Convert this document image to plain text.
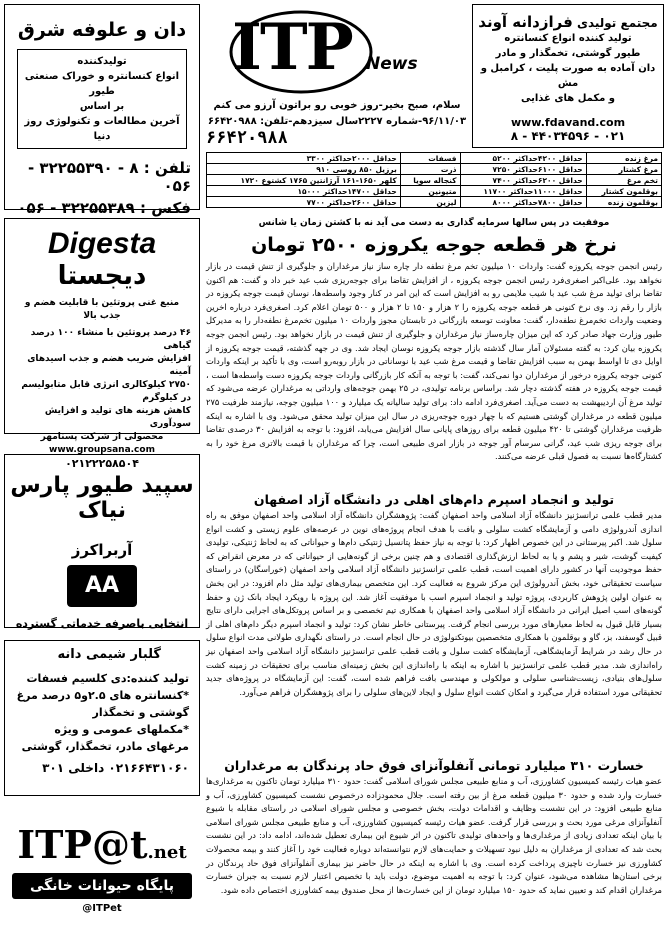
مجتمع تولیدی فرازدانه آوند
تولید کننده انواع کنسانتره
طیور گوشتی، تخمگذار و مادر
دان آماده به صورت پلیت ، کرامبل و مش
و مکمل های غذایی
www.fdavand.com
۰۲۱ - ۴۴۰۳۴۵۹۶ - ۸
ITP News
سلام، صبح بخیر-روز خوبی رو براتون آرزو می کنم
۹۶/۱۱/۰۳-شماره ۲۲۲۷سال سیزدهم-تلفن: ۶۶۴۲۰۹۸۸
۶۶۴۲۰۹۸۸
دان و علوفه شرق
تولیدکننده
انواع کنسانتره و خوراک صنعتی طیور
بر اساس
آخرین مطالعات و تکنولوژی روز دنیا
تلفن : ۸ - ۳۲۲۵۵۳۹۰ - ۰۵۶
فکس : ۳۲۲۵۵۳۸۹ - ۰۵۶
Digesta
دیجستا
منبع غنی پروتئین با قابلیت هضم و جذب بالا
۴۶ درصد پروتئین با منشاء ۱۰۰ درصد گیاهی
افزایش ضریب هضم و جذب اسیدهای آمینه
۲۷۵۰ کیلوکالری انرژی قابل متابولیسم در کیلوگرم
کاهش هزینه های تولید و افزایش سودآوری
محصولی از شرکت پسنامهر
www.groupsana.com
۰۲۱۲۲۲۵۸۵۰۴
سپید طیور پارس نیاک
آربراکرز
AA
انتخابی باصرفه خدماتی گسترده
گلبار شیمی دانه
تولید کننده:دی کلسیم فسفات
*کنسانتره های ۲.۵و۵ درصد مرغ گوشتی و تخمگذار
*مکملهای عمومی و ویژه مرغهای مادر، تخمگذار، گوشتی
۰۲۱۶۶۴۳۱۰۶۰ داخلی ۳۰۱
ITP@t.net
پایگاه حیوانات خانگی
@ITPet
مرغ زنده	حداقل ۴۲۰۰حداکثر ۵۲۰۰	فسفات	حداقل ۲۰۰۰حداکثر ۳۳۰۰
مرغ کشتار	حداقل ۶۱۰۰حداکثر ۷۲۵۰	ذرت	برزیل ۸۵۰ روسی ۹۱۰
تخم مرغ	حداقل ۶۲۰۰حداکثر ۷۴۰۰	کنجاله سویا	کلهر ۱۶۵۰-۱۶۱ آرژانتین ۱۷۶۵ کشتوع ۱۷۲۰
بوقلمون کشتار	حداقل ۱۱۰۰۰حداکثر ۱۱۷۰۰	متیونین	حداقل ۱۴۷۰۰حداکثر ۱۵۰۰۰
بوقلمون زنده	حداقل ۷۸۰۰حداکثر ۸۰۰۰	لیزین	حداقل ۲۶۰۰حداکثر ۷۷۰۰
موفقیت در پس سالها سرمایه گذاری به دست می آید نه با کشتن زمان یا شانس
نرخ هر قطعه جوجه یکروزه ۲۵۰۰ تومان
رئیس انجمن جوجه یکروزه گفت: واردات ۱۰ میلیون تخم مرغ نطفه دار چاره ساز نیاز مرغداران و جلوگیری از تنش قیمت در بازار نخواهد بود. علی‌اکبر اصغری‌فرد رئیس انجمن جوجه یکروزه ، از افزایش تقاضا برای جوجه‌ریزی شب عید خبر داد و گفت: هم اکنون تقاضا برای تولید مرغ شب عید با شیب ملایمی رو به افزایش است که این امر در کنار وجود واسطه‌ها، نوسان قیمت جوجه یکروزه در بازار را رقم زد. وی نرخ کنونی هر قطعه جوجه یکروزه را ۲ هزار و ۱۵۰ تا ۲ هزار و ۵۰۰ تومان اعلام کرد. اصغری‌فرد درباره اخرین وضعیت واردات تخم‌مرغ نطفه‌دار، گفت: معاونت توسعه بازرگانی در تابستان مجوز واردات ۱۰ میلیون تخم‌مرغ نطفه‌دار را به مدیرکل طیور وزارت جهاد صادر کرد که این میزان چاره‌ساز نیاز مرغداران و جلوگیری از تنش قیمت در بازار نخواهد بود. رئیس انجمن جوجه یکروزه بیان کرد: به گفته مسئولان آمار سال گذشته بازار جوجه یکروزه نوسان ایجاد شد. وی در جهه گذشته، قیمت جوجه یکروزه از اوایل دی تا اواسط بهمن به سبب افزایش تقاضا و قیمت مرغ شب عید با نوساناتی در بازار روبه‌رو است، وی با تأکید بر اینکه واردات کنونی جوجه یکروزه درخور از مرغداران دوا نمی‌کند، گفت: با توجه به آنکه کار بازرگانی واردات جوجه یکروزه دست واسطه‌ها است ، قیمت جوجه یکروزه در هفته گذشته دچار شد. براساس برنامه تولیدی، در ۲۵ بهمن جوجه‌های وارداتی به مرغداران عرضه می‌شود که تولید مرغ آن اردیبهشت به دست می‌آید. اصغری‌فرد ادامه داد: برای تولید سالیانه یک میلیارد و ۱۰۰ میلیون جوجه، نیازمند ظرفیت ۲۷۵ میلیون قطعه در مرغداران گوشتی هستیم که با چهار دوره جوجه‌ریزی در سال این میزان تولید محقق می‌شود. وی با اشاره به اینکه ظرفیت مرغداران گوشتی تا ۴۲۰ میلیون قطعه برای روزهای پایانی سال افزایش می‌یابد، افزود: با توجه به افزایش ۳۰ درصدی تقاضا برای جوجه ریزی شب عید، گرانی سرسام آور جوجه در بازار امری طبیعی است، چرا که مرغداران با قیمت بالاتری مرغ خود را به کشتارگاه‌ها نسبت به فصول قبلی عرضه می‌کنند.
تولید و انجماد اسپرم دام‌های اهلی در دانشگاه آزاد اصفهان
مدیر قطب علمی ترانسژنیز دانشگاه آزاد اسلامی واحد اصفهان گفت: پژوهشگران دانشگاه آزاد اسلامی واحد اصفهان موفق به راه اندازی آندرولوژی دامی و آزمایشگاه کشت سلولی و بافت با هدف انجام پروژه‌های نوین در عرصه‌های علوم زیستی و کشت انواع سلول شد. اکبر پیرستانی در این خصوص اظهار کرد: با توجه به نیاز حفظ پتانسیل ژنتیکی دام‌ها و حیواناتی که به لحاظ ژنتیکی، تولیدی کیفیت گوشت، شیر و پشم و یا به لحاظ ارزش‌گذاری اقتصادی و هم چنین برخی از گونه‌هایی از حیواناتی که در معرض انقراض که حفظ موجودیت آنها در کشور دارای اهمیت است، قطب علمی ترانسژنیز دانشگاه آزاد اسلامی واحد اصفهان (خوراسگان) در راستای سیاست تحقیقاتی خود، بخش آندرولوژی این مرکز شروع به فعالیت کرد. این متخصص بیماری‌های تولید مثل دام افزود: در این بخش به عنوان اولین پژوهش کاربردی، پروژه تولید و انجماد اسپرم اسب با موفقیت آغاز شد. این پروژه با رویکرد ایجاد بانک ژن و حفظ گونه‌های اسب اصیل ایرانی در دانشگاه آزاد اسلامی واحد اصفهان با همکاری تیم تخصصی و بر اساس پروتکل‌های اجرایی دارای نتایج بسیار قابل قبول به لحاظ معیارهای مورد بررسی انجام گرفت. پیرستانی خاطر نشان کرد: تولید و انجماد اسپرم دیگر دام‌های اهلی از قبیل گوسفند، بز، گاو و بوقلمون با همکاری متخصصین بیوتکنولوژی در حال انجام است. در راستای نگهداری طولانی مدت انواع سلول در حال رشد در شرایط آزمایشگاهی، آزمایشگاه کشت سلول و بافت قطب علمی ترانسژنیز دانشگاه آزاد اسلامی واحد اصفهان نیز راه‌اندازی شد. مدیر قطب علمی ترانسژنیز با اشاره به اینکه با راه‌اندازی این بخش زمینه‌ای مناسب برای تحقیقات در زمینه کشت سلول‌های بنیادی، زیست‌شناسی سلولی و مولکولی و مهندسی بافت فراهم شده است، گفت: این آزمایشگاه در پروژه‌های جدید تحقیقاتی مورد استفاده قرار می‌گیرد و امکان کشت انواع سلول و ایجاد لاین‌های سلولی را برای پژوهشگران فراهم می‌آورد.
خسارت ۳۱۰ میلیارد تومانی آنفلوآنزای فوق حاد پرندگان به مرغداران
عضو هیات رئیسه کمیسیون کشاورزی، آب و منابع طبیعی مجلس شورای اسلامی گفت: حدود ۳۱۰ میلیارد تومان تاکنون به مرغداری‌ها خسارت وارد شده و حدود ۳۰ میلیون قطعه مرغ از بین رفته است. جلال محمودزاده درخصوص نشست کمیسیون کشاورزی، آب و منابع طبیعی افزود: در این نشست وظایف و اقدامات دولت، بخش خصوصی و مجلس شورای اسلامی در راستای مقابله با شیوع آنفلوآنزای مرغی مورد بحث و بررسی قرار گرفت. عضو هیات رئیسه کمیسیون کشاورزی، آب و منابع طبیعی مجلس شورای اسلامی با بیان اینکه تعدادی زیادی از مرغداری‌ها و واحدهای تولیدی تاکنون در اثر شیوع این بیماری تعطیل شده‌اند، ادامه داد: در این نشست بحث شد که تعدادی از مرغداران به دلیل نبود تسهیلات و حمایت‌های لازم نتوانسته‌اند دوباره فعالیت خود را آغاز کنند و بیمه محصولات کشاورزی نیز خسارت ناچیزی پرداخت کرده است. وی با اشاره به اینکه در حال حاضر نیز بیماری آنفلوآنزای فوق حاد پرندگان در برخی استان‌ها مشاهده می‌شود، عنوان کرد: با توجه به اهمیت موضوع، دولت باید با تخصیص اعتبار لازم نسبت به جبران خسارت مرغداران اقدام کند و تعیین نماید که حدود ۱۵۰ میلیارد تومان از این خسارت‌ها از محل صندوق بیمه کشاورزی اختصاص داده شود.
